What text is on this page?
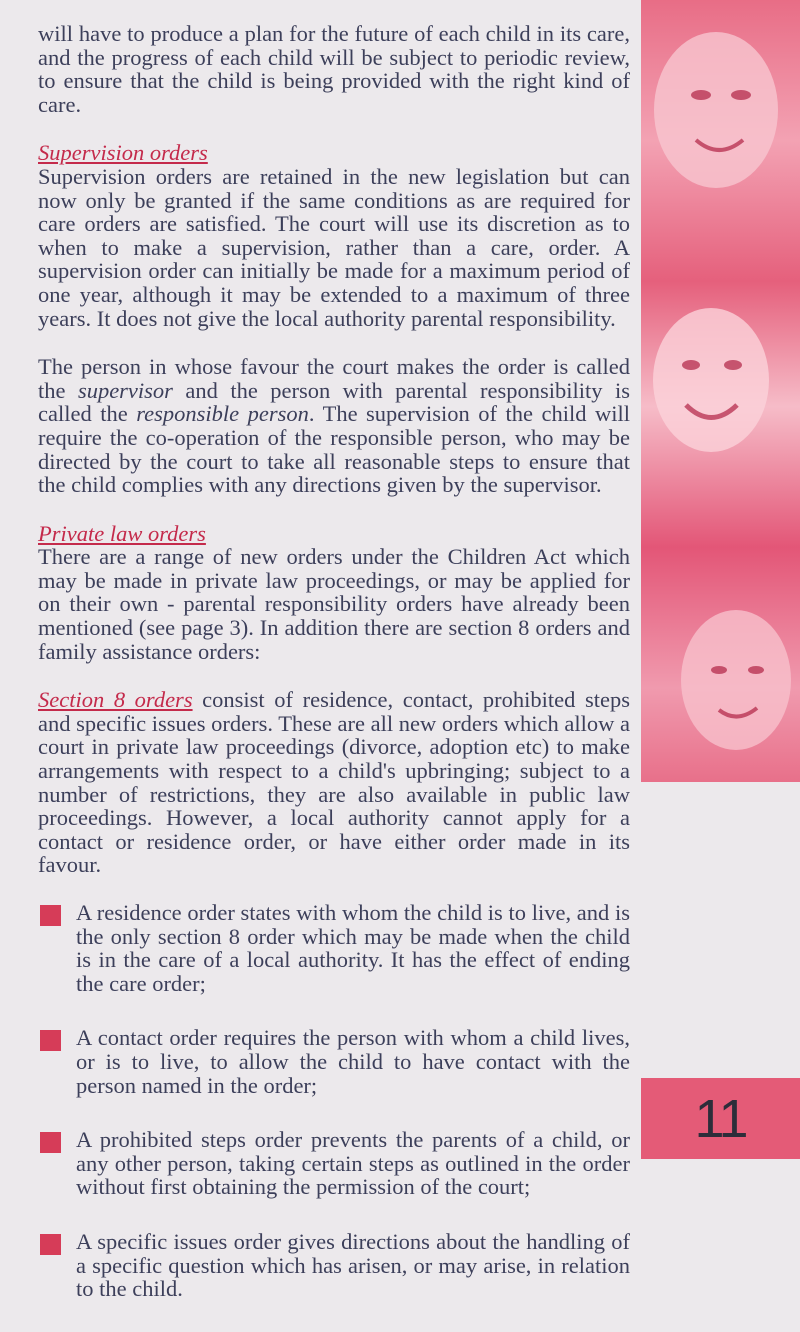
will have to produce a plan for the future of each child in its care, and the progress of each child will be subject to periodic review, to ensure that the child is being provided with the right kind of care.

Supervision orders

Supervision orders are retained in the new legislation but can now only be granted if the same conditions as are required for care orders are satisfied. The court will use its discretion as to when to make a supervision, rather than a care, order. A supervision order can initially be made for a maximum period of one year, although it may be extended to a maximum of three years. It does not give the local authority parental responsibility.

The person in whose favour the court makes the order is called the supervisor and the person with parental responsibility is called the responsible person. The supervision of the child will require the co-operation of the responsible person, who may be directed by the court to take all reasonable steps to ensure that the child complies with any directions given by the supervisor.

Private law orders

There are a range of new orders under the Children Act which may be made in private law proceedings, or may be applied for on their own - parental responsibility orders have already been mentioned (see page 3). In addition there are section 8 orders and family assistance orders:

Section 8 orders consist of residence, contact, prohibited steps and specific issues orders. These are all new orders which allow a court in private law proceedings (divorce, adoption etc) to make arrangements with respect to a child's upbringing; subject to a number of restrictions, they are also available in public law proceedings. However, a local authority cannot apply for a contact or residence order, or have either order made in its favour.

A residence order states with whom the child is to live, and is the only section 8 order which may be made when the child is in the care of a local authority. It has the effect of ending the care order;
A contact order requires the person with whom a child lives, or is to live, to allow the child to have contact with the person named in the order;
A prohibited steps order prevents the parents of a child, or any other person, taking certain steps as outlined in the order without first obtaining the permission of the court;
A specific issues order gives directions about the handling of a specific question which has arisen, or may arise, in relation to the child.
11
